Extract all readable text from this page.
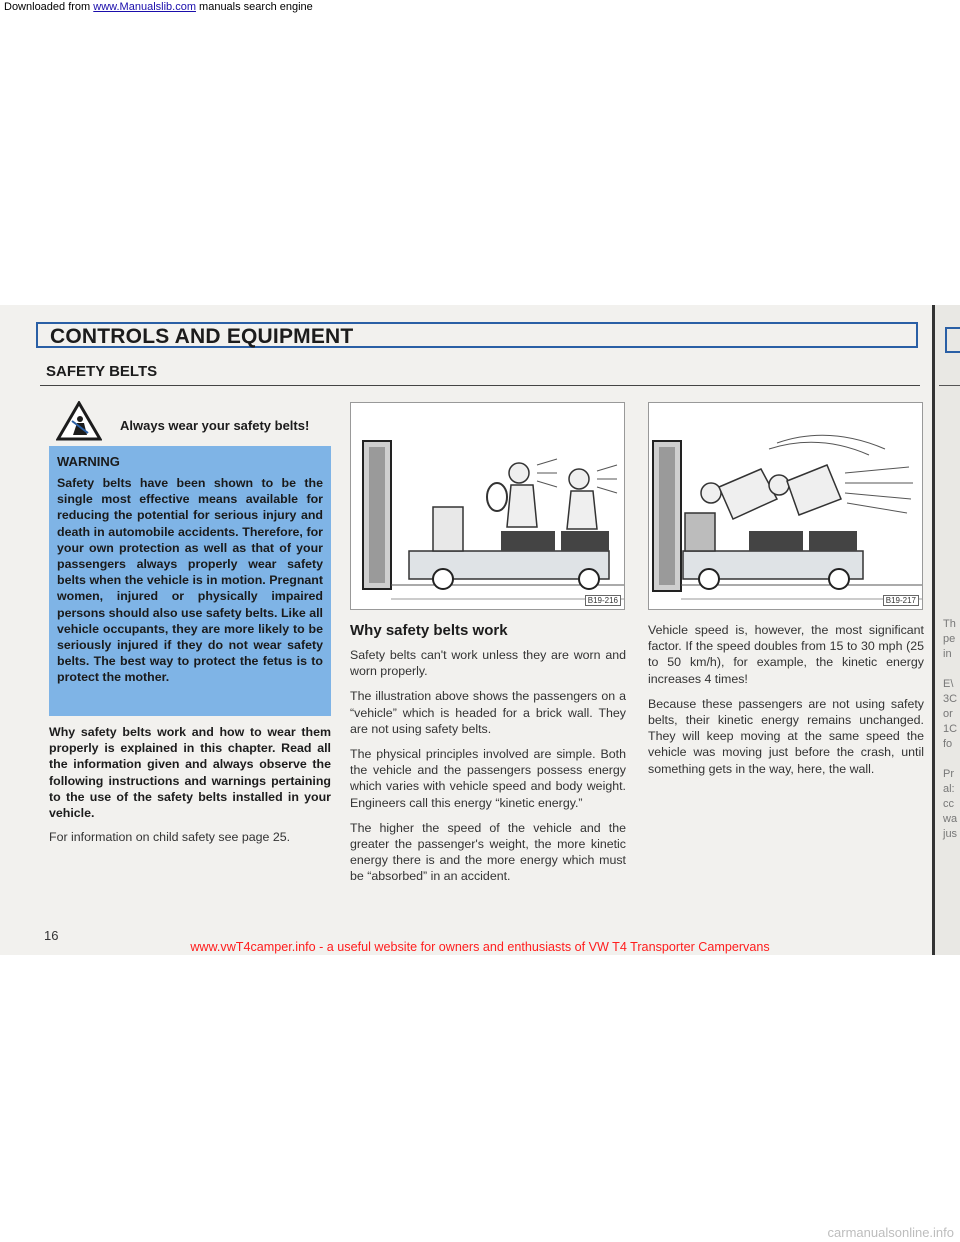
Downloaded from www.Manualslib.com manuals search engine
Th
pe
in
E\
3C
or
1C
fo
Pr
al:
cc
wa
jus
CONTROLS AND EQUIPMENT
SAFETY BELTS
Always wear your safety belts!
WARNING

Safety belts have been shown to be the single most effective means available for reducing the potential for serious injury and death in automobile accidents. Therefore, for your own protection as well as that of your passengers always properly wear safety belts when the vehicle is in motion. Pregnant women, injured or physically impaired persons should also use safety belts. Like all vehicle occupants, they are more likely to be seriously injured if they do not wear safety belts. The best way to protect the fetus is to protect the mother.

Why safety belts work and how to wear them properly is explained in this chapter. Read all the information given and always observe the following instructions and warnings pertaining to the use of the safety belts installed in your vehicle.

For information on child safety see page 25.

B19-216	B19-217
Why safety belts work

Safety belts can't work unless they are worn and worn properly.

The illustration above shows the passengers on a “vehicle” which is headed for a brick wall. They are not using safety belts.

The physical principles involved are simple. Both the vehicle and the passengers possess energy which varies with vehicle speed and body weight. Engineers call this energy “kinetic energy.”

The higher the speed of the vehicle and the greater the passenger's weight, the more kinetic energy there is and the more energy which must be “absorbed” in an accident.

Vehicle speed is, however, the most significant factor. If the speed doubles from 15 to 30 mph (25 to 50 km/h), for example, the kinetic energy increases 4 times!

Because these passengers are not using safety belts, their kinetic energy remains unchanged. They will keep moving at the same speed the vehicle was moving just before the crash, until something gets in the way, here, the wall.

16
www.vwT4camper.info - a useful website for owners and enthusiasts of VW T4 Transporter Campervans
carmanualsonline.info
